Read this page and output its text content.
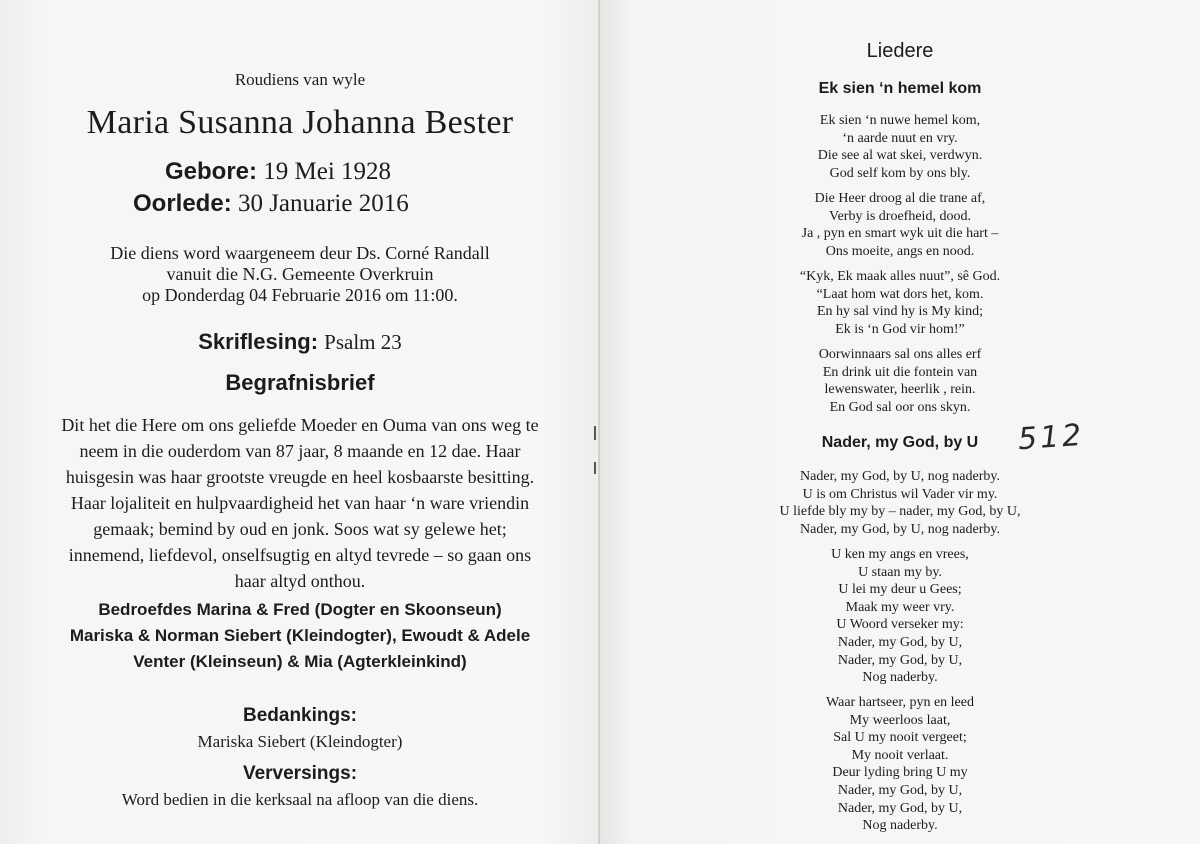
Roudiens van wyle
Maria Susanna Johanna Bester
Gebore: 19 Mei 1928
Oorlede: 30 Januarie 2016
Die diens word waargeneem deur Ds. Corné Randall
vanuit die N.G. Gemeente Overkruin
op Donderdag 04 Februarie 2016 om 11:00.
Skriflesing: Psalm 23
Begrafnisbrief
Dit het die Here om ons geliefde Moeder en Ouma van ons weg te
neem in die ouderdom van 87 jaar, 8 maande en 12 dae. Haar
huisgesin was haar grootste vreugde en heel kosbaarste besitting.
Haar lojaliteit en hulpvaardigheid het van haar ‘n ware vriendin
gemaak; bemind by oud en jonk. Soos wat sy gelewe het;
innemend, liefdevol, onselfsugtig en altyd tevrede – so gaan ons
haar altyd onthou.
Bedroefdes Marina & Fred (Dogter en Skoonseun)
Mariska & Norman Siebert (Kleindogter), Ewoudt & Adele
Venter (Kleinseun) & Mia (Agterkleinkind)
Bedankings:
Mariska Siebert (Kleindogter)
Verversings:
Word bedien in die kerksaal na afloop van die diens.
Liedere
Ek sien ‘n hemel kom
Ek sien ‘n nuwe hemel kom,
‘n aarde nuut en vry.
Die see al wat skei, verdwyn.
God self kom by ons bly.
Die Heer droog al die trane af,
Verby is droefheid, dood.
Ja , pyn en smart wyk uit die hart –
Ons moeite, angs en nood.
“Kyk, Ek maak alles nuut”, sê God.
“Laat hom wat dors het, kom.
En hy sal vind hy is My kind;
Ek is ‘n God vir hom!”
Oorwinnaars sal ons alles erf
En drink uit die fontein van
lewenswater, heerlik , rein.
En God sal oor ons skyn.
Nader, my God, by U	512
Nader, my God, by U, nog naderby.
U is om Christus wil Vader vir my.
U liefde bly my by – nader, my God, by U,
Nader, my God, by U, nog naderby.
U ken my angs en vrees,
U staan my by.
U lei my deur u Gees;
Maak my weer vry.
U Woord verseker my:
Nader, my God, by U,
Nader, my God, by U,
Nog naderby.
Waar hartseer, pyn en leed
My weerloos laat,
Sal U my nooit vergeet;
My nooit verlaat.
Deur lyding bring U my
Nader, my God, by U,
Nader, my God, by U,
Nog naderby.
